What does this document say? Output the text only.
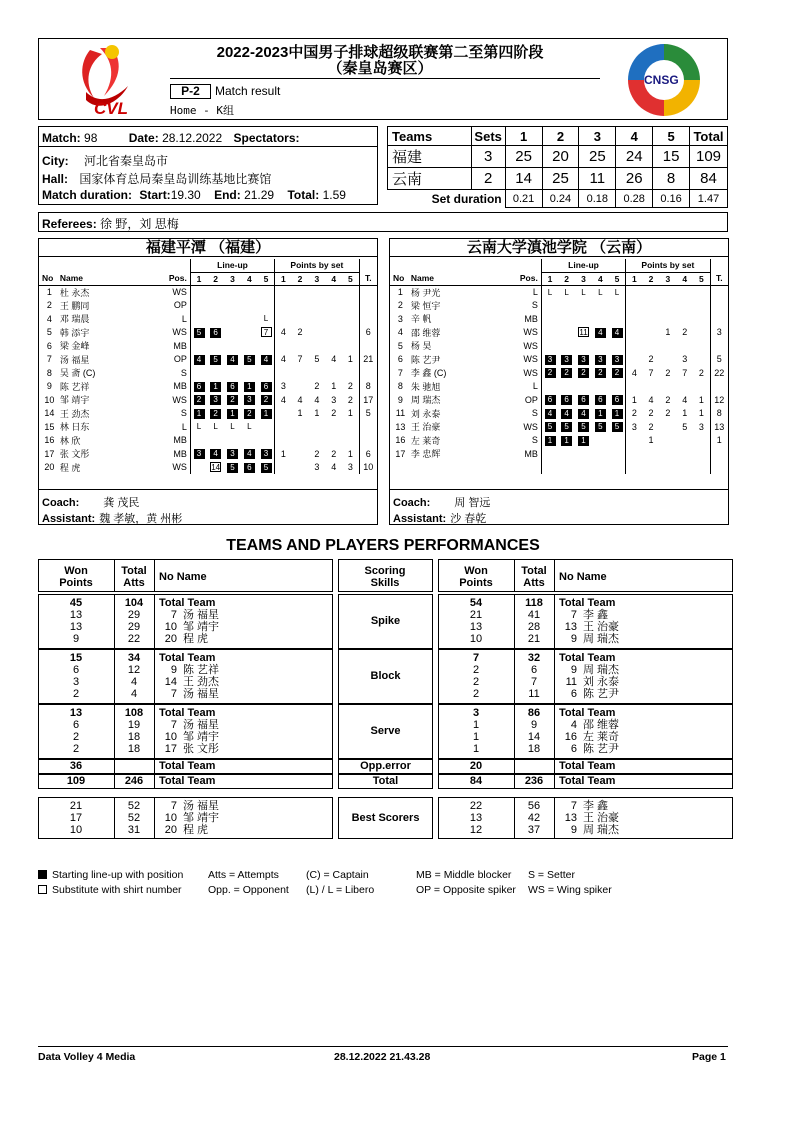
CVL
2022-2023中国男子排球超级联赛第二至第四阶段
（秦皇岛赛区）
P-2	Match result
Home - K组
CNSG
Match: 98	Date: 28.12.2022 Spectators:
City: 河北省秦皇岛市
Hall: 国家体育总局秦皇岛训练基地比赛馆
Match duration: Start:19.30 End: 21.29 Total: 1.59
Teams	Sets	1	2	3	4	5	Total
福建	3	25	20	25	24	15	109
云南	2	14	25	11	26	8	84
Set duration		0.21	0.24	0.18	0.28	0.16	1.47
Referees: 徐 野，刘 思梅
福建平潭 （福建）
			Line-up					Points by set					
No	Name	Pos.	1	2	3	4	5	1	2	3	4	5	T.
1	杜 永杰	WS											
2	王 鹏同	OP											
4	邓 瑞晨	L					L						
5	韩 添宇	WS	5	6			7	4	2				6
6	梁 金峰	MB											
7	汤 福星	OP	4	5	4	5	4	4	7	5	4	1	21
8	吴 斋 (C)	S											
9	陈 艺祥	MB	6	1	6	1	6	3		2	1	2	8
10	邹 靖宇	WS	2	3	2	3	2	4	4	4	3	2	17
14	王 劲杰	S	1	2	1	2	1		1	1	2	1	5
15	林 日东	L	L	L	L	L							
16	林 欣	MB											
17	张 文彤	MB	3	4	3	4	3	1		2	2	1	6
20	程 虎	WS		14	5	6	5			3	4	3	10
Coach: 龚 茂民
Assistant: 魏 孝敏，黄 州彬
云南大学滇池学院 （云南）
			Line-up					Points by set					
No	Name	Pos.	1	2	3	4	5	1	2	3	4	5	T.
1	杨 尹光	L	L	L	L	L	L						
2	梁 恒宇	S											
3	辛 帆	MB											
4	邵 维蓉	WS			11	4	4			1	2		3
5	杨 昊	WS											
6	陈 艺尹	WS	3	3	3	3	3		2		3		5
7	李 鑫 (C)	WS	2	2	2	2	2	4	7	2	7	2	22
8	朱 驰旭	L											
9	周 瑞杰	OP	6	6	6	6	6	1	4	2	4	1	12
11	刘 永泰	S	4	4	4	1	1	2	2	2	1	1	8
13	王 治豪	WS	5	5	5	5	5	3	2		5	3	13
16	左 莱奇	S	1	1	1				1				1
17	李 忠辉	MB											

Coach: 周 智远
Assistant: 沙 春乾
TEAMS AND PLAYERS PERFORMANCES
Won Points
Total Atts	No Name	Won Points
Total Atts	No Name
Scoring Skills
45	104	Total Team
13	29	7 汤 福星
13	29	10 邹 靖宇
9	22	20 程 虎
54	118	Total Team
21	41	7 李 鑫
13	28	13 王 治豪
10	21	9 周 瑞杰
Spike
15	34	Total Team
6	12	9 陈 艺祥
3	4	14 王 劲杰
2	4	7 汤 福星
7	32	Total Team
2	6	9 周 瑞杰
2	7	11 刘 永泰
2	11	6 陈 艺尹
Block
13	108	Total Team
6	19	7 汤 福星
2	18	10 邹 靖宇
2	18	17 张 文彤
3	86	Total Team
1	9	4 邵 维蓉
1	14	16 左 莱奇
1	18	6 陈 艺尹
Serve
36	Total Team	20	Total Team
Opp.error
109	246	Total Team	84	236	Total Team
Total
21	52	7 汤 福星
17	52	10 邹 靖宇
10	31	20 程 虎
22	56	7 李 鑫
13	42	13 王 治豪
12	37	9 周 瑞杰
Best Scorers
Starting line-up with position
Substitute with shirt number
Atts = Attempts
Opp. = Opponent
(C) = Captain
(L) / L = Libero
MB = Middle blocker
OP = Opposite spiker
S = Setter
WS = Wing spiker
Data Volley 4 Media	28.12.2022 21.43.28	Page 1
